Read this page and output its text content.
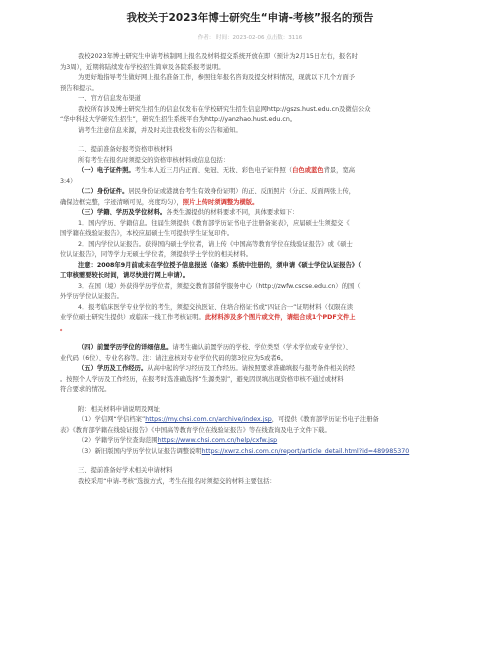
我校关于2023年博士研究生“申请-考核”报名的预告
作者： 时间：2023-02-06 点击数：3116

我校2023年博士研究生申请考核制网上报名及材料提交系统开放在即（预计为2月15日左右，报名时

为3周），近期将陆续发布学校招生简章及各院系报考说明。

为更好地指导考生做好网上报名准备工作，参照往年报名咨询及提交材料情况，现就以下几个方面予

预告和提示。

一、官方信息发布渠道

我校所有涉及博士研究生招生的信息仅发布在学校研究生招生信息网http://gszs.hust.edu.cn及微信公众

“华中科技大学研究生招生”，研究生招生系统平台为http://yanzhao.hust.edu.cn。

请考生注意信息来源，并及时关注我校发布的公告和通知。

二、提前准备好报考资格审核材料

所有考生在报名时须提交的资格审核材料或信息包括：

（一）电子证件照。考生本人近三月内正面、免冠、无妆、彩色电子证件照（白色或蓝色背景，宽高

3:4）

（二）身份证件。居民身份证或港澳台考生有效身份证明）的正、反面照片（分正、反面两张上传，

确保边框完整，字迹清晰可见，亮度均匀），照片上传时须调整为横版。

（三）学籍、学历及学位材料。各类生源提供的材料要求不同，具体要求如下：

1．国内学历、学籍信息。往届生须提供《教育部学历证书电子注册备案表》，应届硕士生须提交《

国学籍在线验证报告》，本校应届硕士生可提供学生证复印件。

2．国内学位认证报告。获得国内硕士学位者，请上传《中国高等教育学位在线验证报告》或《硕士

位认证报告》，同等学力无硕士学位者，须提供学士学位的相关材料。

注意：2008年9月前或未在学位授予信息报送（备案）系统中注册的，须申请《硕士学位认证报告》（

工审核需要较长时间，请尽快进行网上申请）。

3．在国（境）外获得学历学位者，须提交教育部留学服务中心（http://zwfw.cscse.edu.cn）的国（

外学历学位认证报告。

4．报考临床医学专业学位的考生，须提交执医证、住培合格证书或“四证合一”证明材料（仅限在读

业学位硕士研究生提供）或临床一线工作考核证明。此材料涉及多个图片或文件，请组合成1个PDF文件上

。

（四）前置学历学位的详细信息。请考生确认前置学历的学校、学位类型（学术学位或专业学位）、

业代码（6位）、专业名称等。注：请注意核对专业学位代码的第3位应为5或者6。

（五）学历及工作经历。从高中起的学习经历及工作经历。请按照要求准确填报与报考条件相关的经

。按照个人学历及工作经历，在报考时选准确选择“生源类别”，避免因误填出现资格审核不通过或材料

符合要求的情况。

附：相关材料申请说明及网址

（1）学信网“学信档案”https://my.chsi.com.cn/archive/index.jsp，可提供《教育部学历证书电子注册备

表》《教育部学籍在线验证报告》《中国高等教育学位在线验证报告》等在线查询及电子文件下载。

（2）学籍学历学位查询范围https://www.chsi.com.cn/help/cxfw.jsp

（3）新旧版国内学历学位认证报告调整说明https://xwrz.chsi.com.cn/report/article_detail.html?id=489985370

三、提前准备好学术相关申请材料

我校采用“申请-考核”选拔方式，考生在报名时须提交的材料主要包括：
